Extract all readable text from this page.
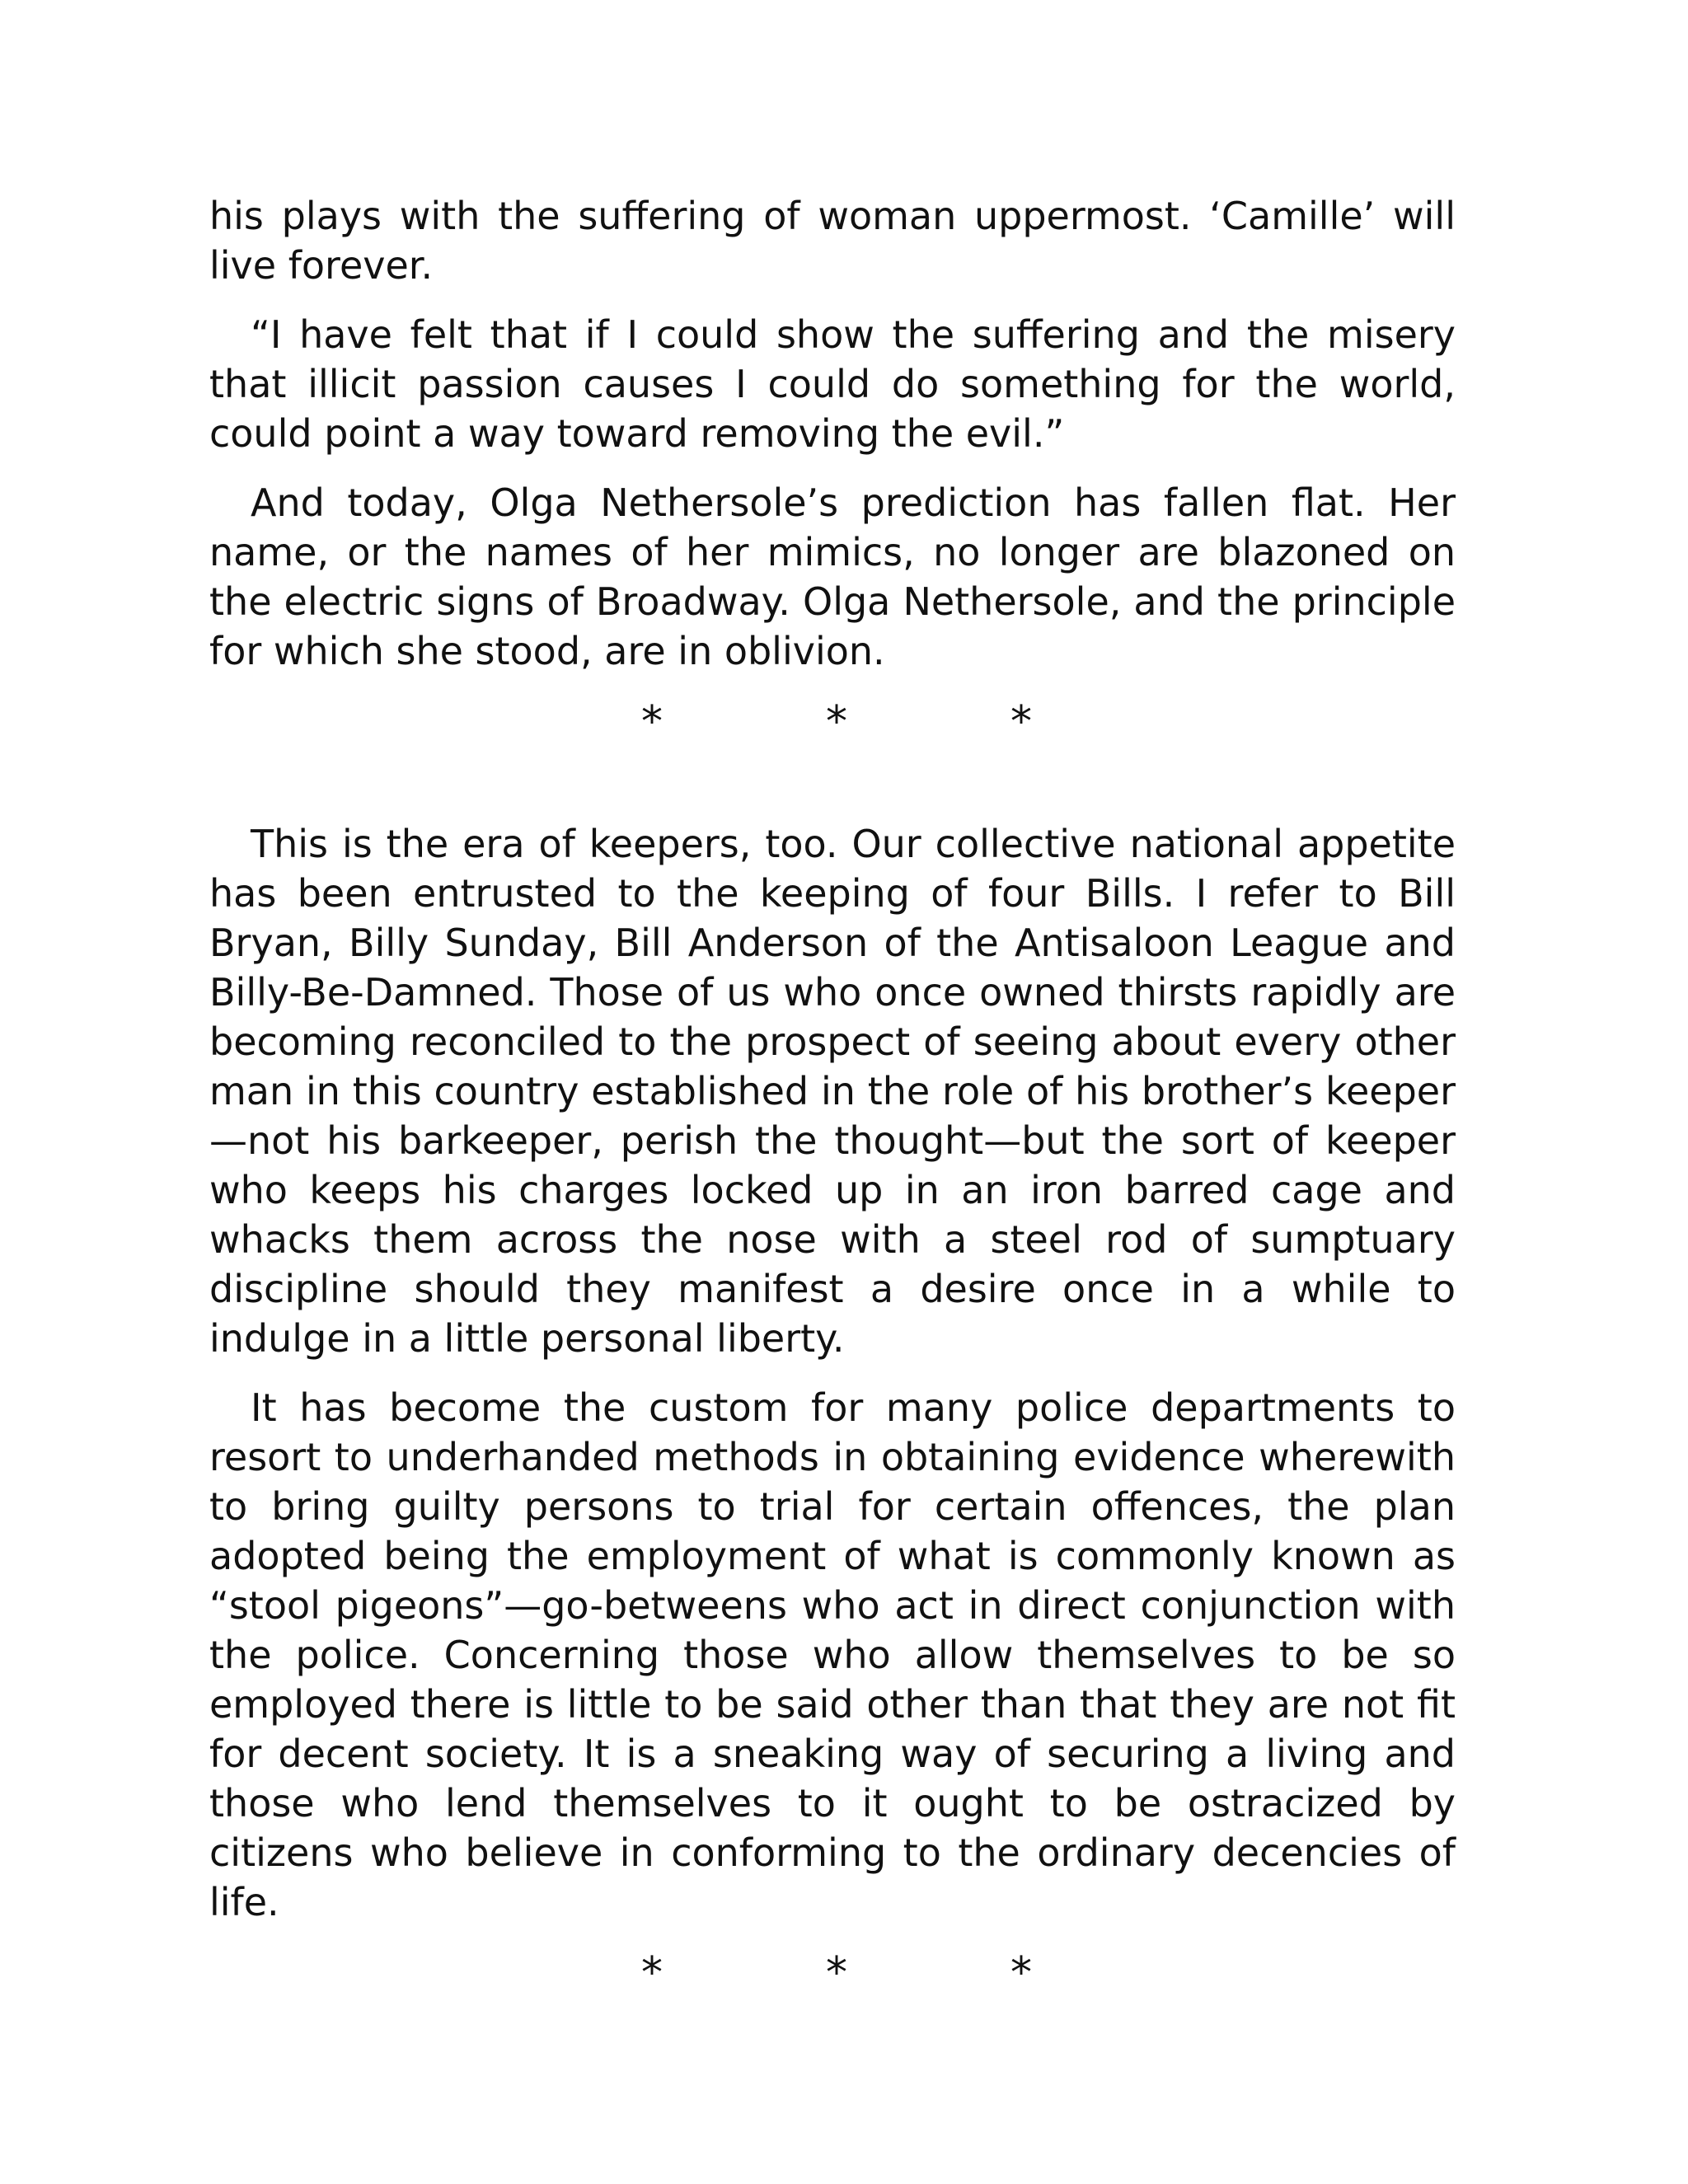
his plays with the suffering of woman uppermost. ‘Camille’ will live forever.

“I have felt that if I could show the suffering and the misery that illicit passion causes I could do something for the world, could point a way toward removing the evil.”

And today, Olga Nethersole’s prediction has fallen flat. Her name, or the names of her mimics, no longer are blazoned on the electric signs of Broadway. Olga Nethersole, and the principle for which she stood, are in oblivion.

*	*	*

This is the era of keepers, too. Our collective national appetite has been entrusted to the keeping of four Bills. I refer to Bill Bryan, Billy Sunday, Bill Anderson of the Antisaloon League and Billy-Be-Damned. Those of us who once owned thirsts rapidly are becoming reconciled to the prospect of seeing about every other man in this country established in the role of his brother’s keeper—not his barkeeper, perish the thought—but the sort of keeper who keeps his charges locked up in an iron barred cage and whacks them across the nose with a steel rod of sumptuary discipline should they manifest a desire once in a while to indulge in a little personal liberty.

It has become the custom for many police departments to resort to underhanded methods in obtaining evidence wherewith to bring guilty persons to trial for certain offences, the plan adopted being the employment of what is commonly known as “stool pigeons”—go-betweens who act in direct conjunction with the police. Concerning those who allow themselves to be so employed there is little to be said other than that they are not fit for decent society. It is a sneaking way of securing a living and those who lend themselves to it ought to be ostracized by citizens who believe in conforming to the ordinary decencies of life.

*	*	*
